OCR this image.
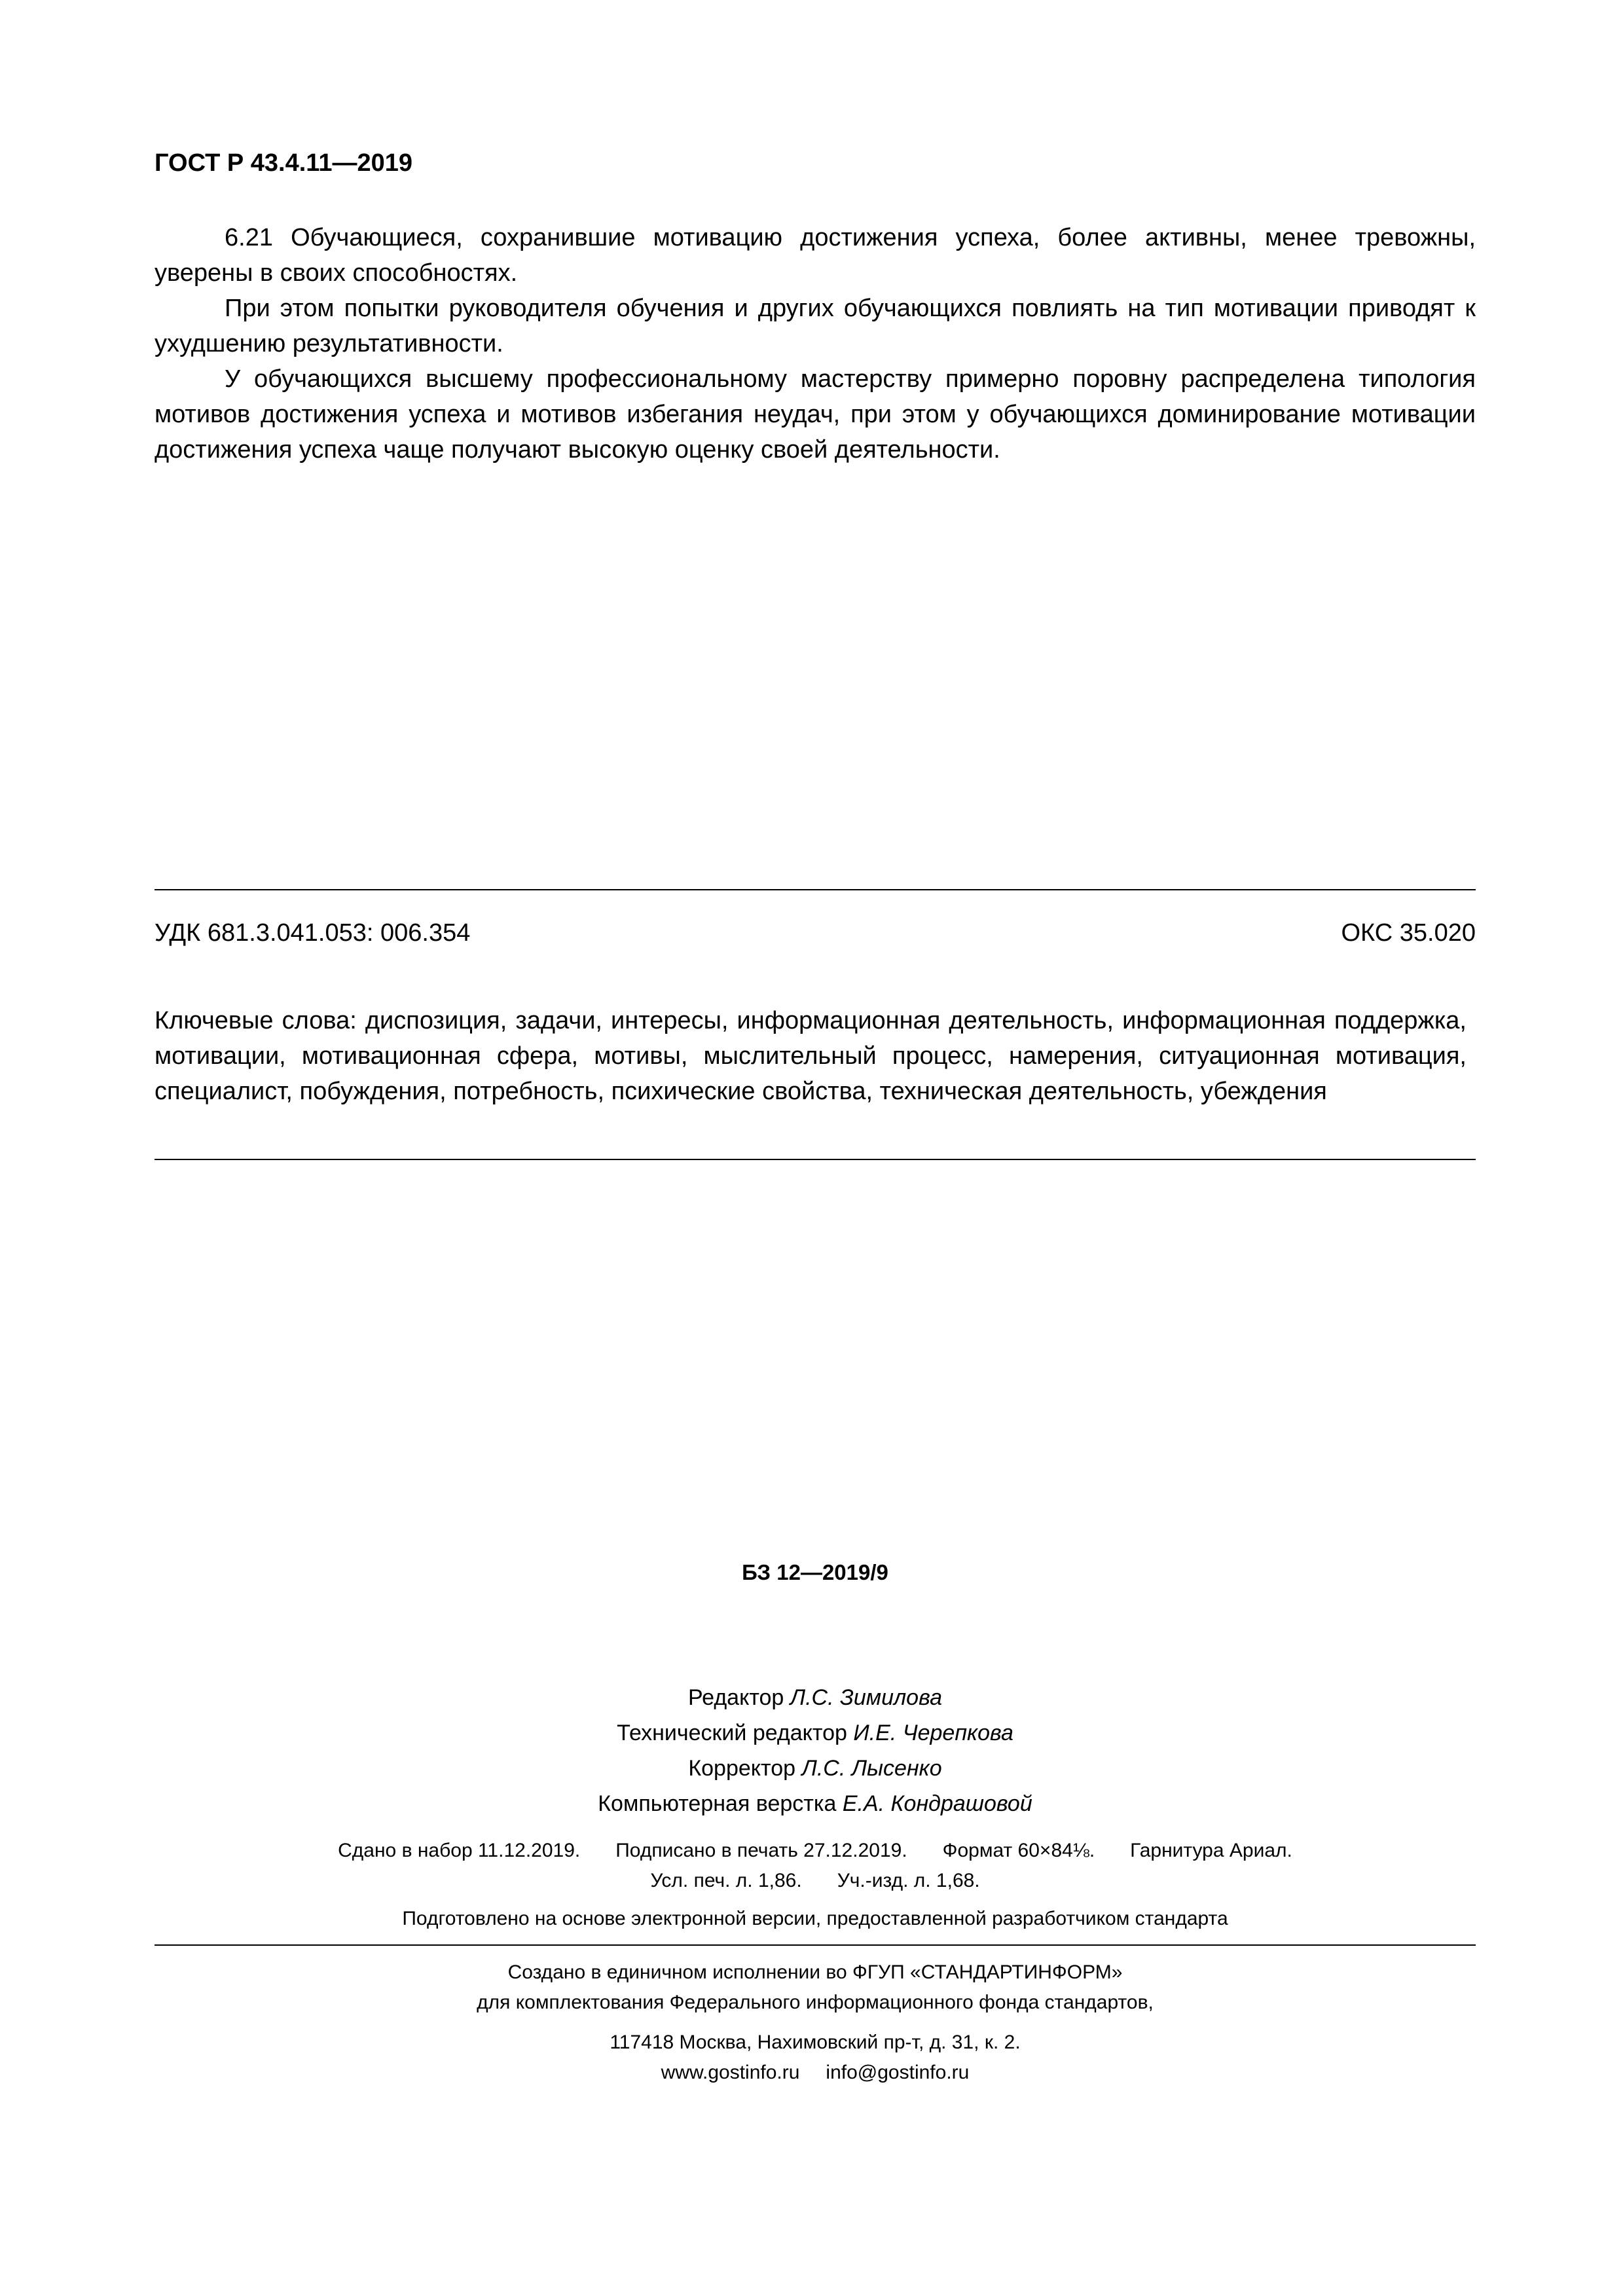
ГОСТ Р 43.4.11—2019

6.21 Обучающиеся, сохранившие мотивацию достижения успеха, более активны, менее тревожны, уверены в своих способностях.

При этом попытки руководителя обучения и других обучающихся повлиять на тип мотивации приводят к ухудшению результативности.

У обучающихся высшему профессиональному мастерству примерно поровну распределена типология мотивов достижения успеха и мотивов избегания неудач, при этом у обучающихся доминирование мотивации достижения успеха чаще получают высокую оценку своей деятельности.

УДК 681.3.041.053: 006.354	ОКС 35.020
Ключевые слова: диспозиция, задачи, интересы, информационная деятельность, информационная поддержка, мотивации, мотивационная сфера, мотивы, мыслительный процесс, намерения, ситуационная мотивация, специалист, побуждения, потребность, психические свойства, техническая деятельность, убеждения
БЗ 12—2019/9
Редактор Л.С. Зимилова
Технический редактор И.Е. Черепкова
Корректор Л.С. Лысенко
Компьютерная верстка Е.А. Кондрашовой
Сдано в набор 11.12.2019. Подписано в печать 27.12.2019. Формат 60×84⅛. Гарнитура Ариал.
Усл. печ. л. 1,86. Уч.-изд. л. 1,68.
Подготовлено на основе электронной версии, предоставленной разработчиком стандарта
Создано в единичном исполнении во ФГУП «СТАНДАРТИНФОРМ»
для комплектования Федерального информационного фонда стандартов,
117418 Москва, Нахимовский пр-т, д. 31, к. 2.
www.gostinfo.ru info@gostinfo.ru
